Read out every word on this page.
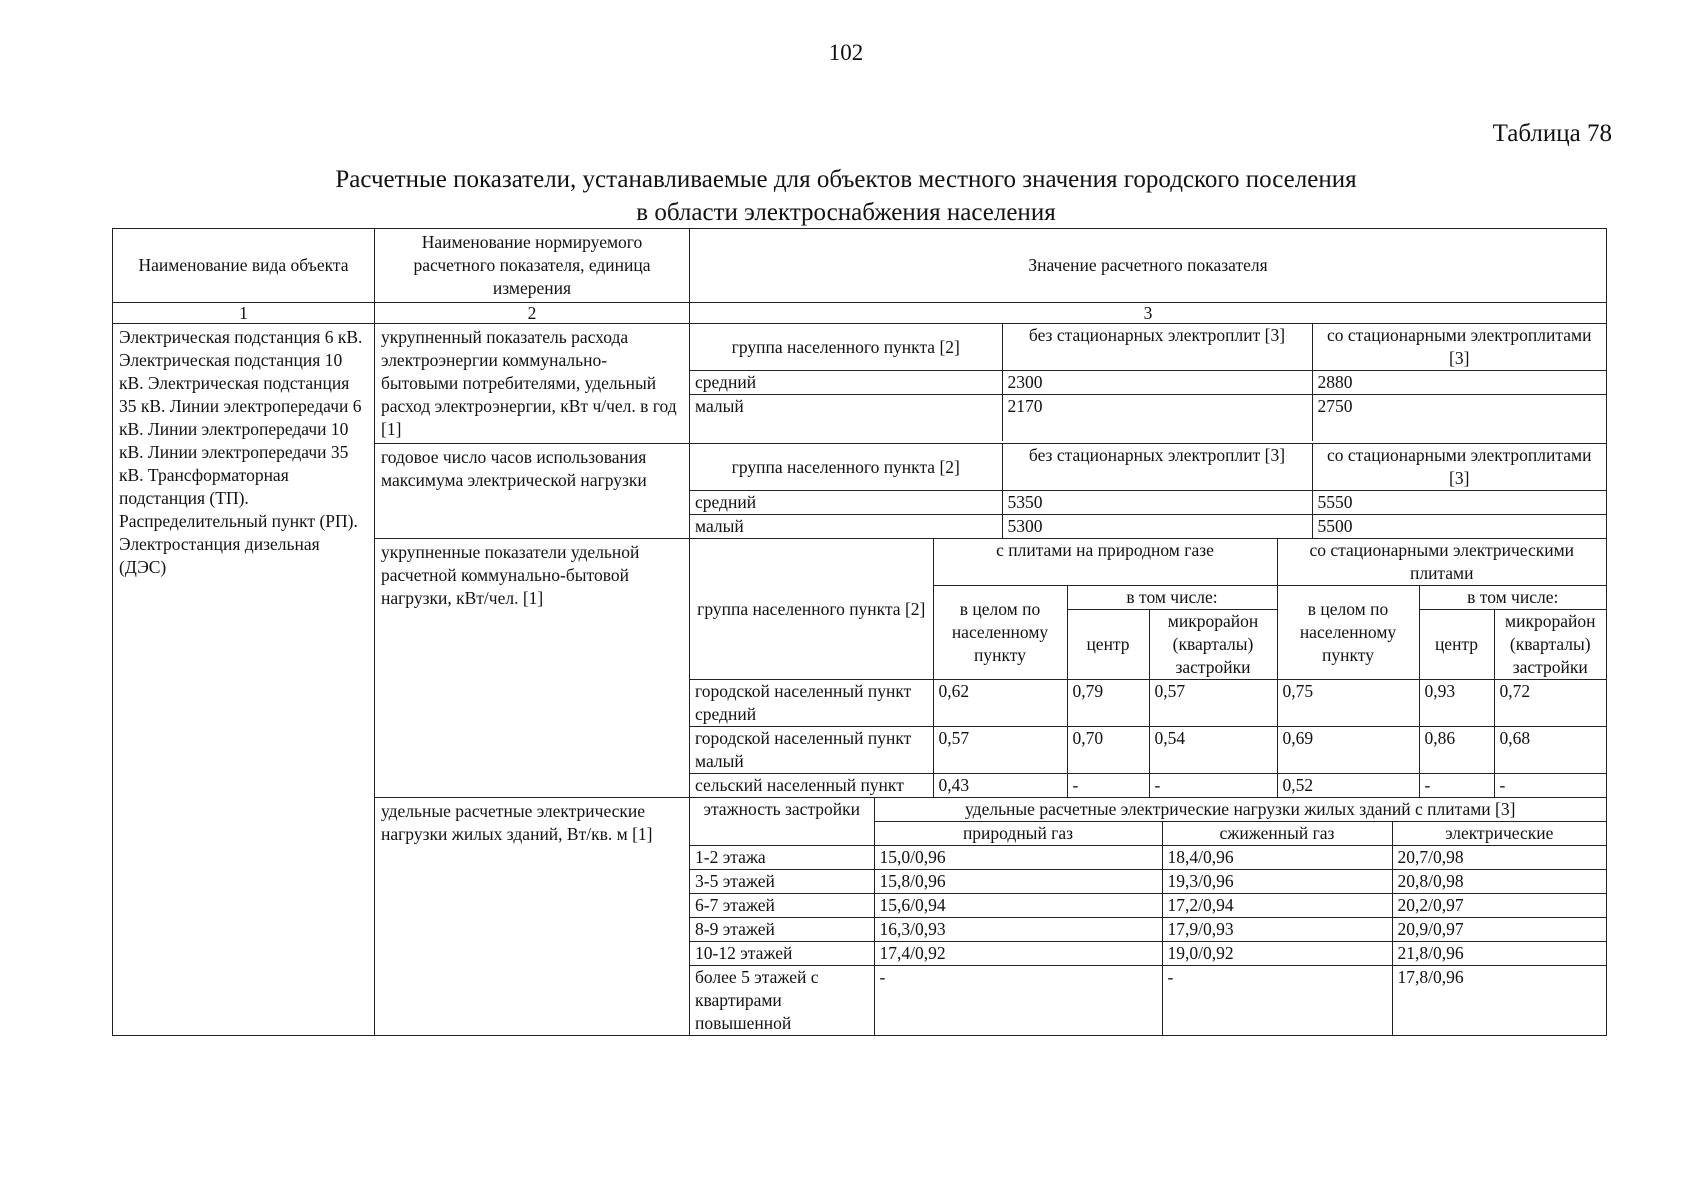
102
Таблица 78
Расчетные показатели, устанавливаемые для объектов местного значения городского поселения
в области электроснабжения населения
Наименование вида объекта	Наименование нормируемого расчетного показателя, единица измерения	Значение расчетного показателя
1	2	3
Электрическая подстанция 6 кВ. Электрическая подстанция 10 кВ. Электрическая подстанция 35 кВ. Линии электропередачи 6 кВ. Линии электропередачи 10 кВ. Линии электропередачи 35 кВ. Трансформаторная подстанция (ТП). Распределительный пункт (РП). Электростанция дизельная (ДЭС)	укрупненный показатель расхода электроэнергии коммунально-бытовыми потребителями, удельный расход электроэнергии, кВт ч/чел. в год [1]	
группа населенного пункта [2]	без стационарных электроплит [3]	со стационарными электроплитами [3]
средний	2300	2880
малый	2170	2750

годовое число часов использования максимума электрической нагрузки	
группа населенного пункта [2]	без стационарных электроплит [3]	со стационарными электроплитами [3]
средний	5350	5550
малый	5300	5500

укрупненные показатели удельной расчетной коммунально-бытовой нагрузки, кВт/чел. [1]	
группа населенного пункта [2]	с плитами на природном газе	со стационарными электрическими плитами
в целом по населенному пункту	в том числе:	в целом по населенному пункту	в том числе:
центр	микрорайон (кварталы) застройки	центр	микрорайон (кварталы) застройки
городской населенный пункт средний	0,62	0,79	0,57	0,75	0,93	0,72
городской населенный пункт малый	0,57	0,70	0,54	0,69	0,86	0,68
сельский населенный пункт	0,43	-	-	0,52	-	-

удельные расчетные электрические нагрузки жилых зданий, Вт/кв. м [1]	
этажность застройки	удельные расчетные электрические нагрузки жилых зданий с плитами [3]
природный газ	сжиженный газ	электрические
1-2 этажа	15,0/0,96	18,4/0,96	20,7/0,98
3-5 этажей	15,8/0,96	19,3/0,96	20,8/0,98
6-7 этажей	15,6/0,94	17,2/0,94	20,2/0,97
8-9 этажей	16,3/0,93	17,9/0,93	20,9/0,97
10-12 этажей	17,4/0,92	19,0/0,92	21,8/0,96
более 5 этажей с квартирами повышенной	-	-	17,8/0,96
